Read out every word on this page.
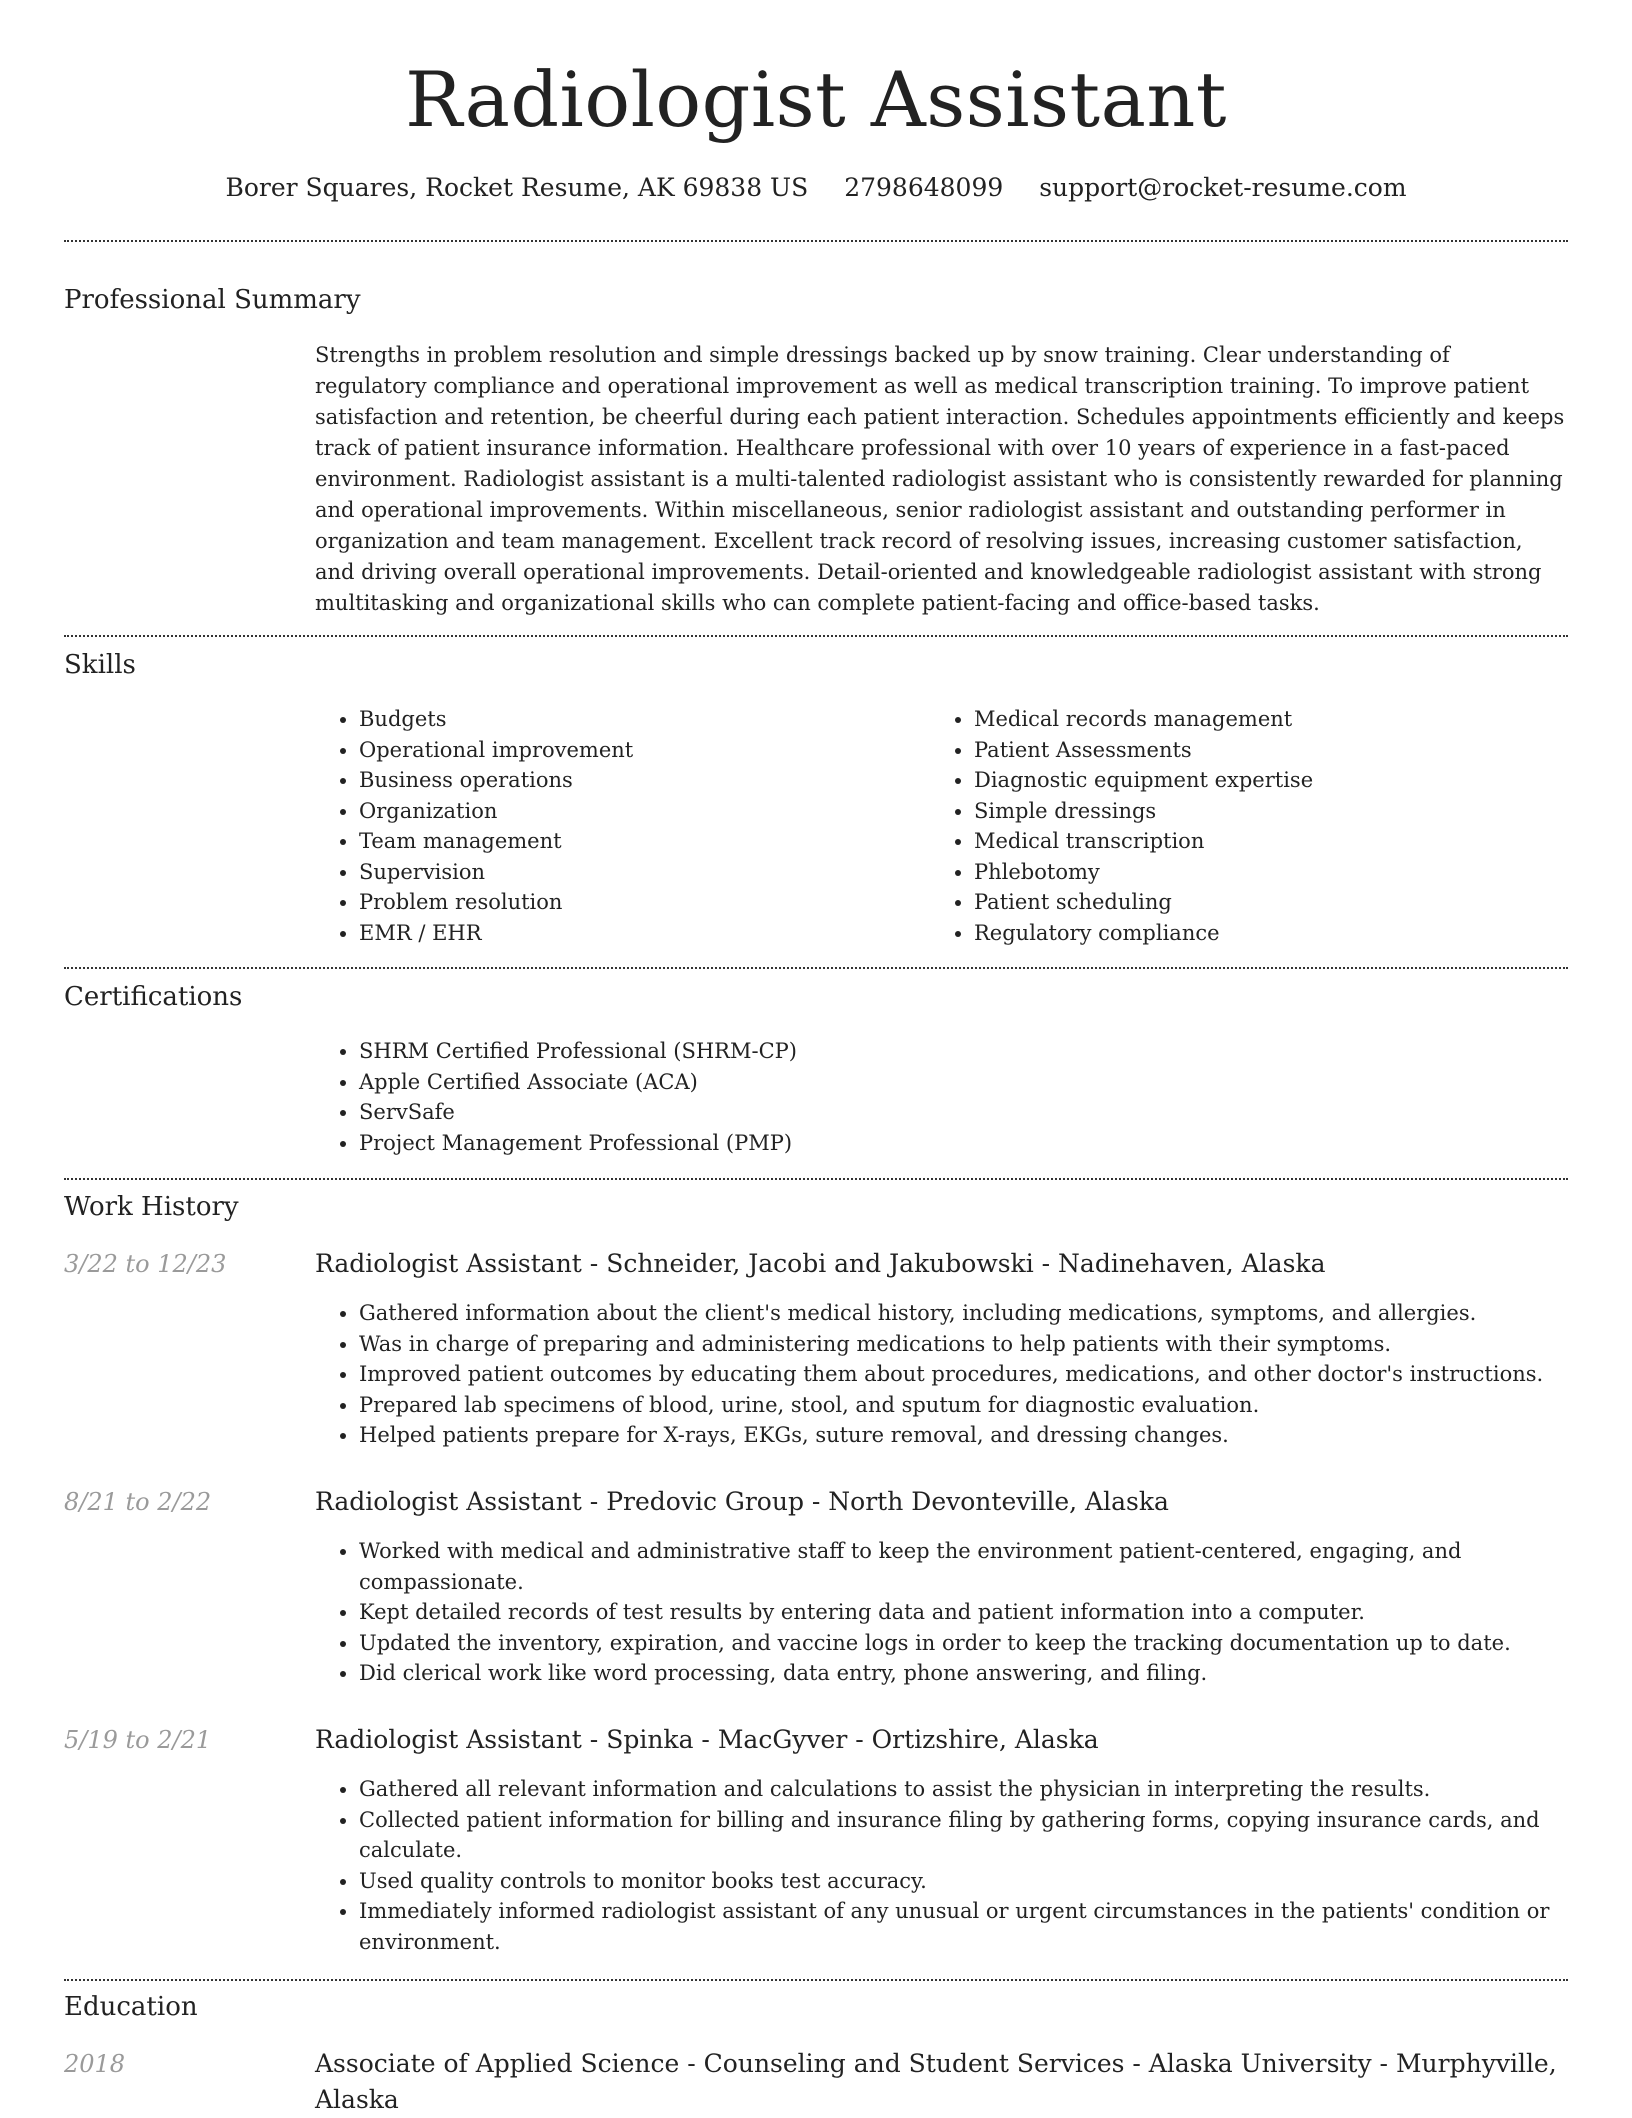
Radiologist Assistant
Borer Squares, Rocket Resume, AK 69838 US 2798648099 support@rocket-resume.com
Professional Summary

Strengths in problem resolution and simple dressings backed up by snow training. Clear understanding of regulatory compliance and operational improvement as well as medical transcription training. To improve patient satisfaction and retention, be cheerful during each patient interaction. Schedules appointments efficiently and keeps track of patient insurance information. Healthcare professional with over 10 years of experience in a fast-paced environment. Radiologist assistant is a multi-talented radiologist assistant who is consistently rewarded for planning and operational improvements. Within miscellaneous, senior radiologist assistant and outstanding performer in organization and team management. Excellent track record of resolving issues, increasing customer satisfaction, and driving overall operational improvements. Detail-oriented and knowledgeable radiologist assistant with strong multitasking and organizational skills who can complete patient-facing and office-based tasks.

Skills
• Budgets
• Operational improvement
• Business operations
• Organization
• Team management
• Supervision
• Problem resolution
• EMR / EHR
• Medical records management
• Patient Assessments
• Diagnostic equipment expertise
• Simple dressings
• Medical transcription
• Phlebotomy
• Patient scheduling
• Regulatory compliance
Certifications
• SHRM Certified Professional (SHRM-CP)
• Apple Certified Associate (ACA)
• ServSafe
• Project Management Professional (PMP)
Work History
3/22 to 12/23	Radiologist Assistant - Schneider, Jacobi and Jakubowski - Nadinehaven, Alaska
• Gathered information about the client's medical history, including medications, symptoms, and allergies.
• Was in charge of preparing and administering medications to help patients with their symptoms.
• Improved patient outcomes by educating them about procedures, medications, and other doctor's instructions.
• Prepared lab specimens of blood, urine, stool, and sputum for diagnostic evaluation.
• Helped patients prepare for X-rays, EKGs, suture removal, and dressing changes.
8/21 to 2/22	Radiologist Assistant - Predovic Group - North Devonteville, Alaska
• Worked with medical and administrative staff to keep the environment patient-centered, engaging, and compassionate.
• Kept detailed records of test results by entering data and patient information into a computer.
• Updated the inventory, expiration, and vaccine logs in order to keep the tracking documentation up to date.
• Did clerical work like word processing, data entry, phone answering, and filing.
5/19 to 2/21	Radiologist Assistant - Spinka - MacGyver - Ortizshire, Alaska
• Gathered all relevant information and calculations to assist the physician in interpreting the results.
• Collected patient information for billing and insurance filing by gathering forms, copying insurance cards, and calculate.
• Used quality controls to monitor books test accuracy.
• Immediately informed radiologist assistant of any unusual or urgent circumstances in the patients' condition or environment.
Education
2018	Associate of Applied Science - Counseling and Student Services - Alaska University - Murphyville, Alaska
